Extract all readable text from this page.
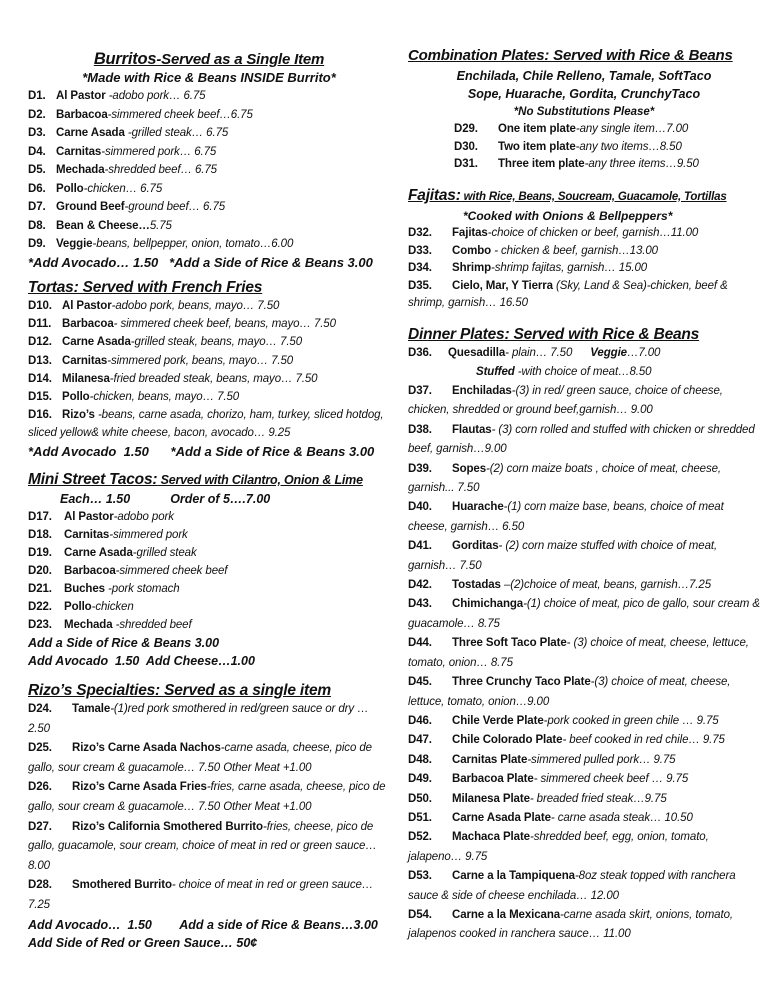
Burritos-Served as a Single Item
*Made with Rice & Beans INSIDE Burrito*
D1. Al Pastor -adobo pork… 6.75
D2. Barbacoa-simmered cheek beef…6.75
D3. Carne Asada -grilled steak… 6.75
D4. Carnitas-simmered pork… 6.75
D5. Mechada-shredded beef… 6.75
D6. Pollo-chicken… 6.75
D7. Ground Beef-ground beef… 6.75
D8. Bean & Cheese…5.75
D9. Veggie-beans, bellpepper, onion, tomato…6.00
*Add Avocado… 1.50   *Add a Side of Rice & Beans 3.00
Tortas: Served with French Fries
D10. Al Pastor-adobo pork, beans, mayo… 7.50
D11. Barbacoa- simmered cheek beef, beans, mayo… 7.50
D12. Carne Asada-grilled steak, beans, mayo… 7.50
D13. Carnitas-simmered pork, beans, mayo… 7.50
D14. Milanesa-fried breaded steak, beans, mayo… 7.50
D15. Pollo-chicken, beans, mayo… 7.50
D16. Rizo’s -beans, carne asada, chorizo, ham, turkey, sliced hotdog, sliced yellow& white cheese, bacon, avocado… 9.25
*Add Avocado  1.50      *Add a Side of Rice & Beans 3.00
Mini Street Tacos: Served with Cilantro, Onion & Lime
Each… 1.50	Order of 5….7.00
D17. Al Pastor-adobo pork
D18. Carnitas-simmered pork
D19. Carne Asada-grilled steak
D20. Barbacoa-simmered cheek beef
D21. Buches -pork stomach
D22. Pollo-chicken
D23. Mechada -shredded beef
Add a Side of Rice & Beans 3.00
Add Avocado  1.50  Add Cheese…1.00
Rizo’s Specialties: Served as a single item
D24. Tamale-(1)red pork smothered in red/green sauce or dry …2.50
D25. Rizo’s Carne Asada Nachos-carne asada, cheese, pico de gallo, sour cream & guacamole… 7.50 Other Meat +1.00
D26. Rizo’s Carne Asada Fries-fries, carne asada, cheese, pico de gallo, sour cream & guacamole… 7.50 Other Meat +1.00
D27. Rizo’s California Smothered Burrito-fries, cheese, pico de gallo, guacamole, sour cream, choice of meat in red or green sauce…8.00
D28. Smothered Burrito- choice of meat in red or green sauce… 7.25
Add Avocado…  1.50        Add a side of Rice & Beans…3.00
Add Side of Red or Green Sauce… 50¢
Combination Plates: Served with Rice & Beans
Enchilada, Chile Relleno, Tamale, SoftTaco
Sope, Huarache, Gordita, CrunchyTaco
*No Substitutions Please*
D29. One item plate-any single item…7.00
D30. Two item plate-any two items…8.50
D31. Three item plate-any three items…9.50
Fajitas: with Rice, Beans, Soucream, Guacamole, Tortillas
*Cooked with Onions & Bellpeppers*
D32. Fajitas-choice of chicken or beef, garnish…11.00
D33. Combo - chicken & beef, garnish…13.00
D34. Shrimp-shrimp fajitas, garnish… 15.00
D35. Cielo, Mar, Y Tierra (Sky, Land & Sea)-chicken, beef & shrimp, garnish… 16.50
Dinner Plates: Served with Rice & Beans
D36. Quesadilla- plain… 7.50 Veggie…7.00
Stuffed -with choice of meat…8.50
D37. Enchiladas-(3) in red/ green sauce, choice of cheese, chicken, shredded or ground beef,garnish… 9.00
D38. Flautas- (3) corn rolled and stuffed with chicken or shredded beef, garnish…9.00
D39. Sopes-(2) corn maize boats , choice of meat, cheese, garnish... 7.50
D40. Huarache-(1) corn maize base, beans, choice of meat cheese, garnish… 6.50
D41. Gorditas- (2) corn maize stuffed with choice of meat, garnish… 7.50
D42. Tostadas –(2)choice of meat, beans, garnish…7.25
D43. Chimichanga-(1) choice of meat, pico de gallo, sour cream & guacamole… 8.75
D44. Three Soft Taco Plate- (3) choice of meat, cheese, lettuce, tomato, onion… 8.75
D45. Three Crunchy Taco Plate-(3) choice of meat, cheese, lettuce, tomato, onion…9.00
D46. Chile Verde Plate-pork cooked in green chile … 9.75
D47. Chile Colorado Plate- beef cooked in red chile… 9.75
D48. Carnitas Plate-simmered pulled pork… 9.75
D49. Barbacoa Plate- simmered cheek beef … 9.75
D50. Milanesa Plate- breaded fried steak…9.75
D51. Carne Asada Plate- carne asada steak… 10.50
D52. Machaca Plate-shredded beef, egg, onion, tomato, jalapeno… 9.75
D53. Carne a la Tampiquena-8oz steak topped with ranchera sauce & side of cheese enchilada… 12.00
D54. Carne a la Mexicana-carne asada skirt, onions, tomato, jalapenos cooked in ranchera sauce… 11.00
